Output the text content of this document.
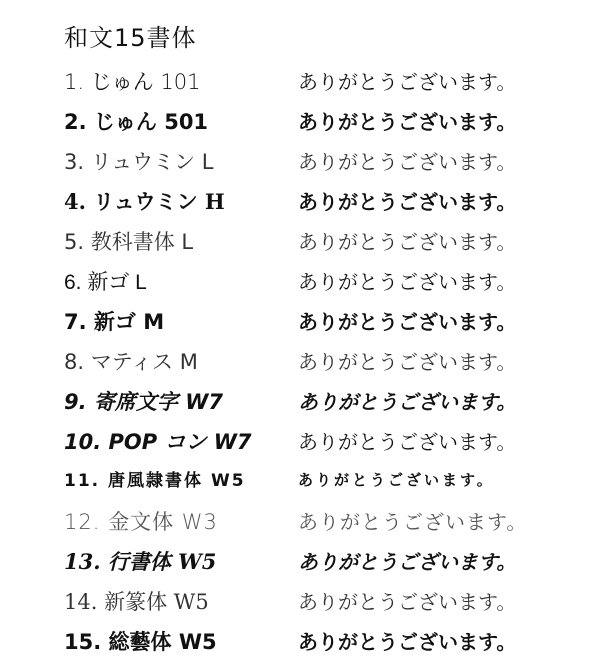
和文15書体
1. じゅん 101	ありがとうございます。
2. じゅん 501	ありがとうございます。
3. リュウミン L	ありがとうございます。
4. リュウミン H	ありがとうございます。
5. 教科書体 L	ありがとうございます。
6. 新ゴ L	ありがとうございます。
7. 新ゴ M	ありがとうございます。
8. マティス M	ありがとうございます。
9. 寄席文字 W7	ありがとうございます。
10. POP コン W7 ありがとうございます。
11. 唐風隷書体 W5	ありがとうございます。
12. 金文体 W3	ありがとうございます。
13. 行書体 W5	ありがとうございます。
14. 新篆体 W5	ありがとうございます。
15. 総藝体 W5	ありがとうございます。
